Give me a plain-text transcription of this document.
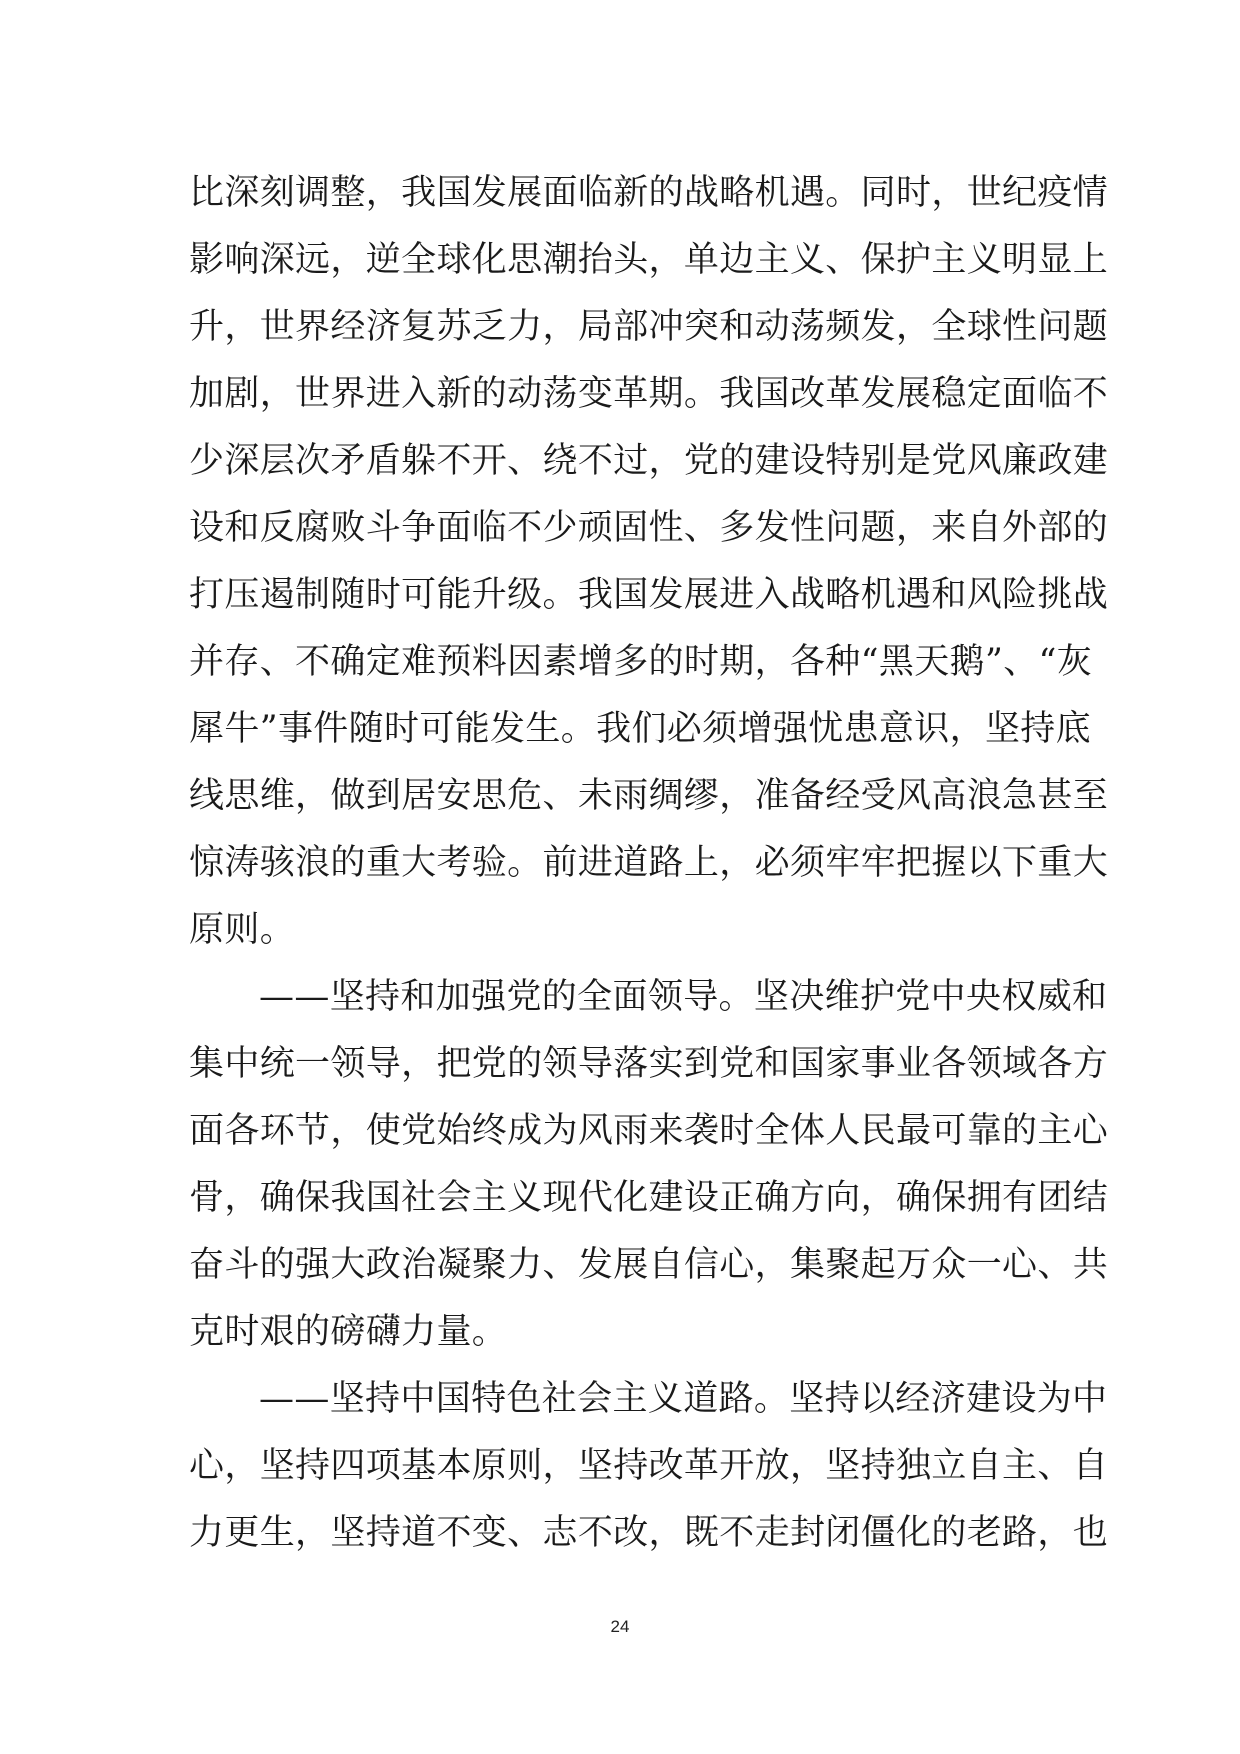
比深刻调整，我国发展面临新的战略机遇。同时，世纪疫情
影响深远，逆全球化思潮抬头，单边主义、保护主义明显上
升，世界经济复苏乏力，局部冲突和动荡频发，全球性问题
加剧，世界进入新的动荡变革期。我国改革发展稳定面临不
少深层次矛盾躲不开、绕不过，党的建设特别是党风廉政建
设和反腐败斗争面临不少顽固性、多发性问题，来自外部的
打压遏制随时可能升级。我国发展进入战略机遇和风险挑战
并存、不确定难预料因素增多的时期，各种“黑天鹅”、“灰
犀牛”事件随时可能发生。我们必须增强忧患意识，坚持底
线思维，做到居安思危、未雨绸缪，准备经受风高浪急甚至
惊涛骇浪的重大考验。前进道路上，必须牢牢把握以下重大
原则。
——坚持和加强党的全面领导。坚决维护党中央权威和
集中统一领导，把党的领导落实到党和国家事业各领域各方
面各环节，使党始终成为风雨来袭时全体人民最可靠的主心
骨，确保我国社会主义现代化建设正确方向，确保拥有团结
奋斗的强大政治凝聚力、发展自信心，集聚起万众一心、共
克时艰的磅礴力量。
——坚持中国特色社会主义道路。坚持以经济建设为中
心，坚持四项基本原则，坚持改革开放，坚持独立自主、自
力更生，坚持道不变、志不改，既不走封闭僵化的老路，也
24
